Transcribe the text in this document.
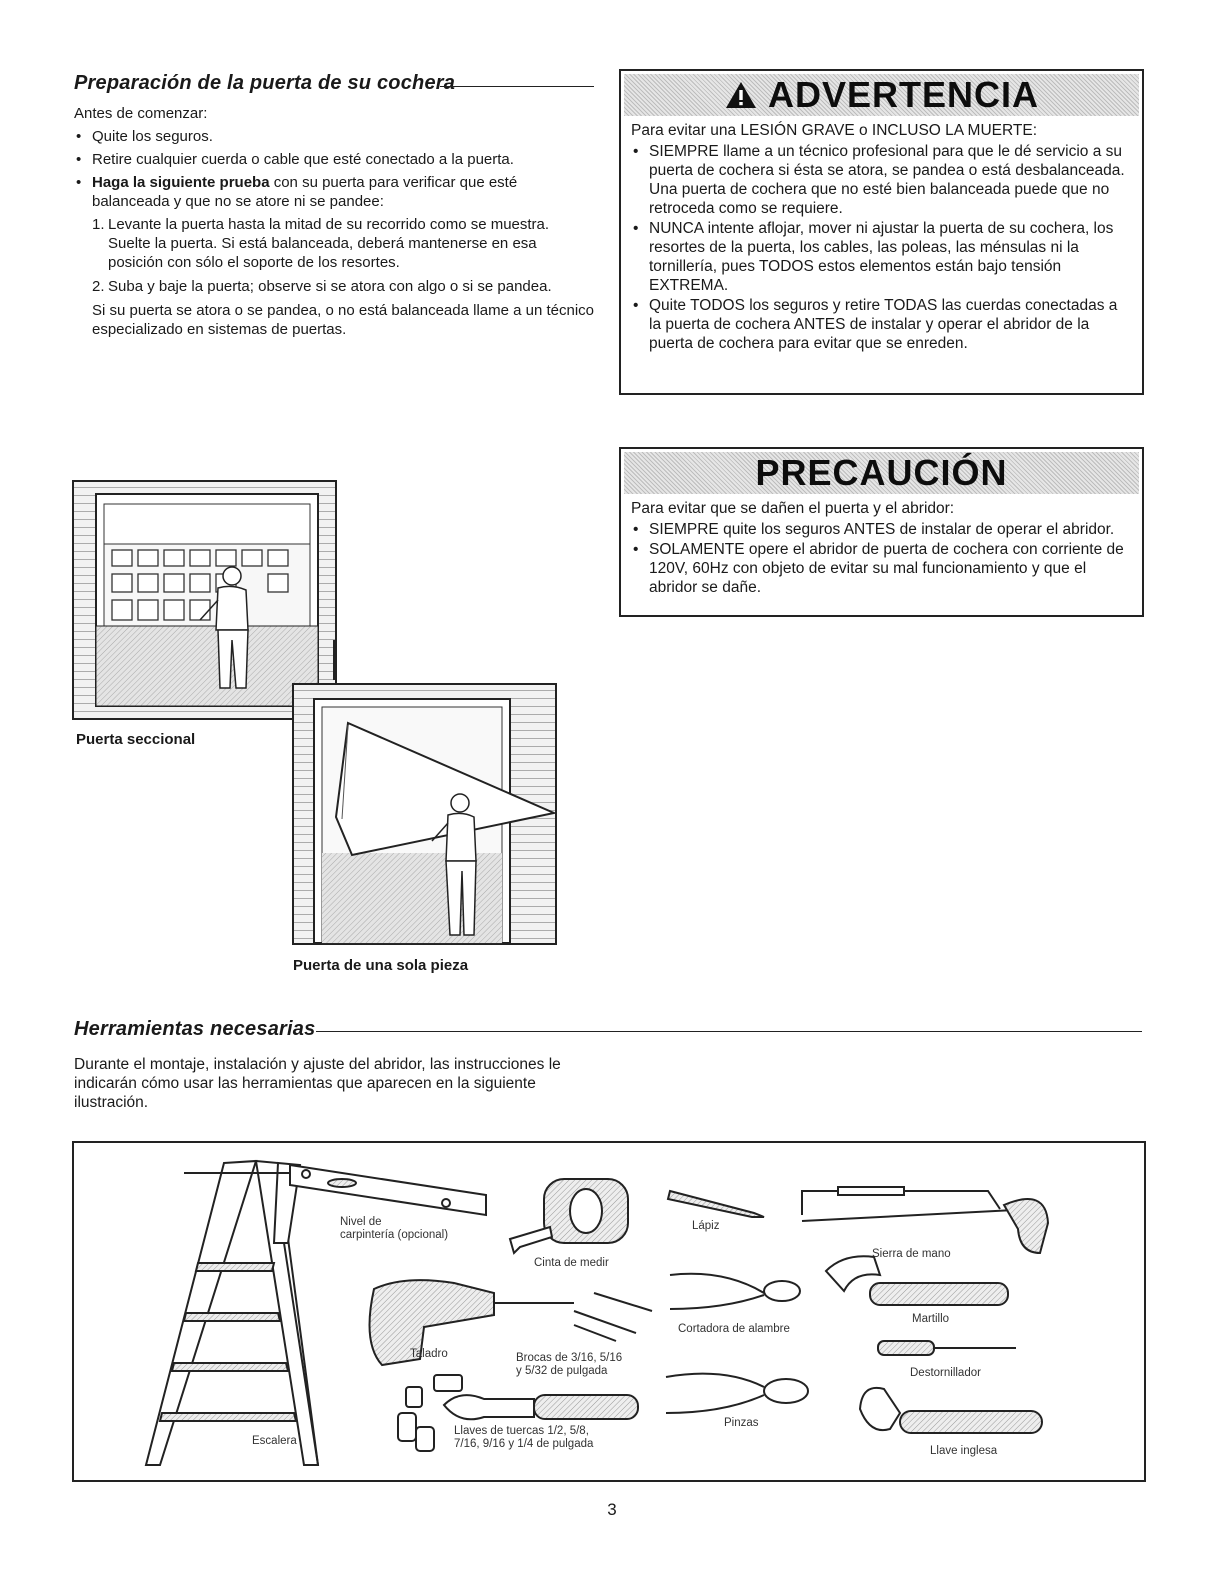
Preparación de la puerta de su cochera

Antes de comenzar:

• Quite los seguros.
• Retire cualquier cuerda o cable que esté conectado a la puerta.
• Haga la siguiente prueba con su puerta para verificar que esté balanceada y que no se atore ni se pandee:
1. Levante la puerta hasta la mitad de su recorrido como se muestra. Suelte la puerta. Si está balanceada, deberá mantenerse en esa posición con sólo el soporte de los resortes.
2. Suba y baje la puerta; observe si se atora con algo o si se pandea.

Si su puerta se atora o se pandea, o no está balanceada llame a un técnico especializado en sistemas de puertas.

ADVERTENCIA
Para evitar una LESIÓN GRAVE o INCLUSO LA MUERTE:
• SIEMPRE llame a un técnico profesional para que le dé servicio a su puerta de cochera si ésta se atora, se pandea o está desbalanceada. Una puerta de cochera que no esté bien balanceada puede que no retroceda como se requiere.
• NUNCA intente aflojar, mover ni ajustar la puerta de su cochera, los resortes de la puerta, los cables, las poleas, las ménsulas ni la tornillería, pues TODOS estos elementos están bajo tensión EXTREMA.
• Quite TODOS los seguros y retire TODAS las cuerdas conectadas a la puerta de cochera ANTES de instalar y operar el abridor de la puerta de cochera para evitar que se enreden.
PRECAUCIÓN
Para evitar que se dañen el puerta y el abridor:
• SIEMPRE quite los seguros ANTES de instalar de operar el abridor.
• SOLAMENTE opere el abridor de puerta de cochera con corriente de 120V, 60Hz con objeto de evitar su mal funcionamiento y que el abridor se dañe.
Puerta seccional
Puerta de una sola pieza
Herramientas necesarias
Durante el montaje, instalación y ajuste del abridor, las instrucciones le indicarán cómo usar las herramientas que aparecen en la siguiente ilustración.
Nivel de
carpintería (opcional)
Cinta de medir
Lápiz
Sierra de mano
Taladro	Brocas de 3/16, 5/16
y 5/32 de pulgada
Cortadora de alambre
Martillo
Destornillador
Pinzas
Llaves de tuercas 1/2, 5/8,
7/16, 9/16 y 1/4 de pulgada
Llave inglesa
Escalera
3
